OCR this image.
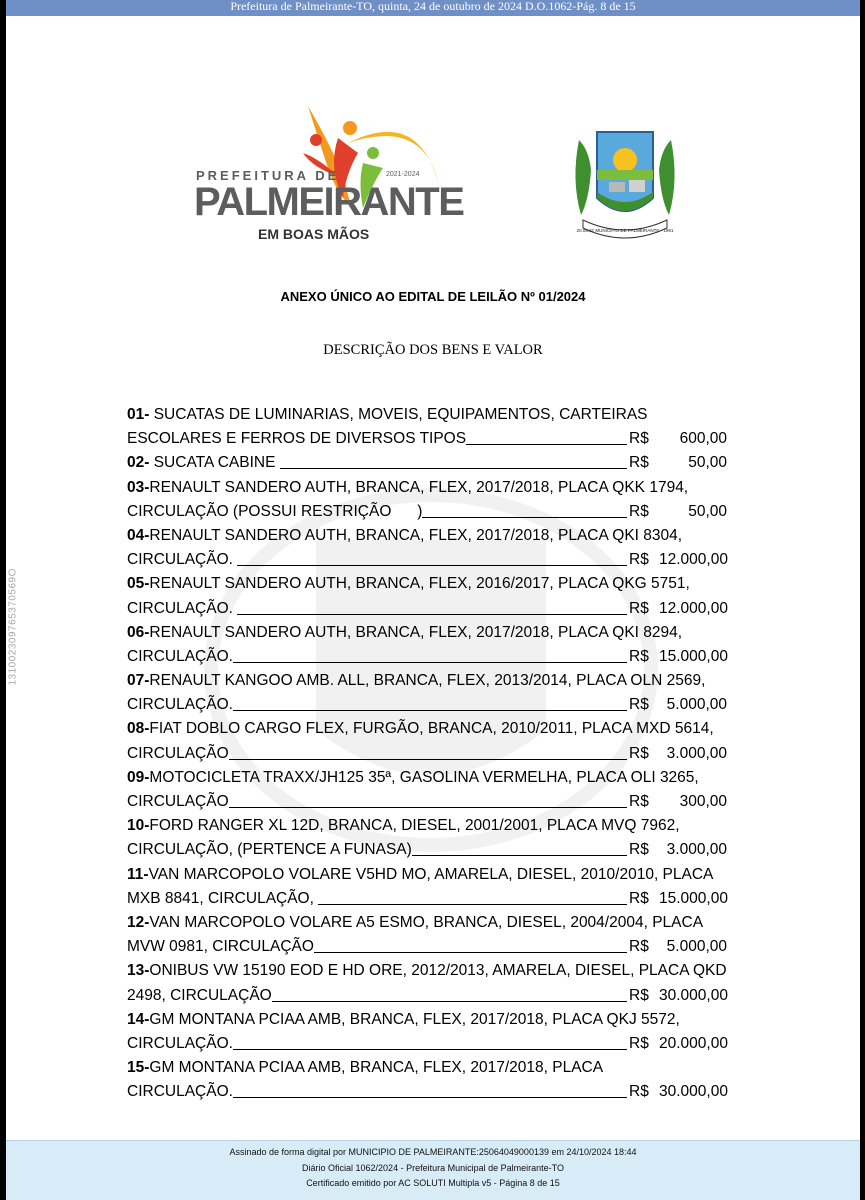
Prefeitura de Palmeirante-TO, quinta, 24 de outubro de 2024 D.O.1062-Pág. 8 de 15
131002309765370569O
PREFEITURA DE	2021-2024
PALMEIRANTE
EM BOAS MÃOS	20.08.91 MUNICÍPIO DE PALMEIRANTE - 1991
ANEXO ÚNICO AO EDITAL DE LEILÃO Nº 01/2024
DESCRIÇÃO DOS BENS E VALOR
01- SUCATAS DE LUMINARIAS, MOVEIS, EQUIPAMENTOS, CARTEIRAS
ESCOLARES E FERROS DE DIVERSOS TIPOS	R$	600,00
02- SUCATA CABINE	R$	50,00
03- RENAULT SANDERO AUTH, BRANCA, FLEX, 2017/2018, PLACA QKK 1794,
CIRCULAÇÃO (POSSUI RESTRIÇÃO      )	R$	50,00
04- RENAULT SANDERO AUTH, BRANCA, FLEX, 2017/2018, PLACA QKI 8304,
CIRCULAÇÃO.	R$ 12.000,00
05- RENAULT SANDERO AUTH, BRANCA, FLEX, 2016/2017, PLACA QKG 5751,
CIRCULAÇÃO.	R$ 12.000,00
06- RENAULT SANDERO AUTH, BRANCA, FLEX, 2017/2018, PLACA QKI 8294,
CIRCULAÇÃO.	R$ 15.000,00
07- RENAULT KANGOO AMB. ALL, BRANCA, FLEX, 2013/2014, PLACA OLN 2569,
CIRCULAÇÃO.	R$	5.000,00
08- FIAT DOBLO CARGO FLEX, FURGÃO, BRANCA, 2010/2011, PLACA MXD 5614,
CIRCULAÇÃO	R$	3.000,00
09- MOTOCICLETA TRAXX/JH125 35ª, GASOLINA VERMELHA, PLACA OLI 3265,
CIRCULAÇÃO	R$	300,00
10- FORD RANGER XL 12D, BRANCA, DIESEL, 2001/2001, PLACA MVQ 7962,
CIRCULAÇÃO, (PERTENCE A FUNASA)	R$	3.000,00
11- VAN MARCOPOLO VOLARE V5HD MO, AMARELA, DIESEL, 2010/2010, PLACA
MXB 8841, CIRCULAÇÃO,	R$ 15.000,00
12- VAN MARCOPOLO VOLARE A5 ESMO, BRANCA, DIESEL, 2004/2004, PLACA
MVW 0981, CIRCULAÇÃO	R$	5.000,00
13- ONIBUS VW 15190 EOD E HD ORE, 2012/2013, AMARELA, DIESEL, PLACA QKD
2498, CIRCULAÇÃO	R$ 30.000,00
14- GM MONTANA PCIAA AMB, BRANCA, FLEX, 2017/2018, PLACA QKJ 5572,
CIRCULAÇÃO.	R$ 20.000,00
15- GM MONTANA PCIAA AMB, BRANCA, FLEX, 2017/2018, PLACA
CIRCULAÇÃO.	R$ 30.000,00
Assinado de forma digital por MUNICIPIO DE PALMEIRANTE:25064049000139 em 24/10/2024 18:44
Diário Oficial 1062/2024 - Prefeitura Municipal de Palmeirante-TO
Certificado emitido por AC SOLUTI Multipla v5 - Página 8 de 15
